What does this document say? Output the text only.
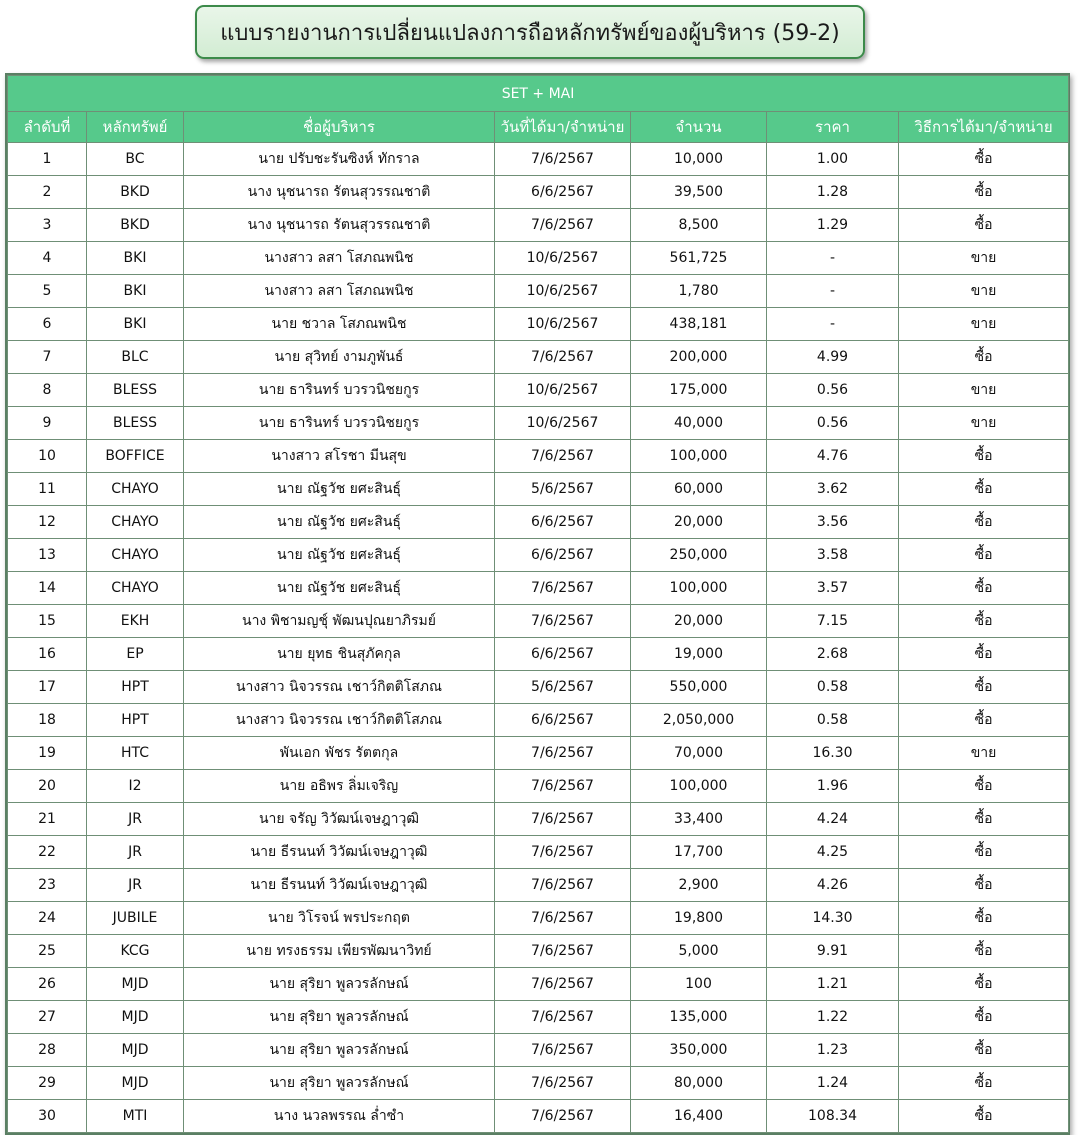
แบบรายงานการเปลี่ยนแปลงการถือหลักทรัพย์ของผู้บริหาร (59-2)
SET + MAI						
ลำดับที่	หลักทรัพย์	ชื่อผู้บริหาร	วันที่ได้มา/จำหน่าย	จำนวน	ราคา	วิธีการได้มา/จำหน่าย
1	BC	นาย ปรับชะรันซิงห์ ทักราล	7/6/2567	10,000	1.00	ซื้อ
2	BKD	นาง นุชนารถ รัตนสุวรรณชาติ	6/6/2567	39,500	1.28	ซื้อ
3	BKD	นาง นุชนารถ รัตนสุวรรณชาติ	7/6/2567	8,500	1.29	ซื้อ
4	BKI	นางสาว ลสา โสภณพนิช	10/6/2567	561,725	-	ขาย
5	BKI	นางสาว ลสา โสภณพนิช	10/6/2567	1,780	-	ขาย
6	BKI	นาย ชวาล โสภณพนิช	10/6/2567	438,181	-	ขาย
7	BLC	นาย สุวิทย์ งามภูพันธ์	7/6/2567	200,000	4.99	ซื้อ
8	BLESS	นาย ธารินทร์ บวรวนิชยกูร	10/6/2567	175,000	0.56	ขาย
9	BLESS	นาย ธารินทร์ บวรวนิชยกูร	10/6/2567	40,000	0.56	ขาย
10	BOFFICE	นางสาว สโรชา มีนสุข	7/6/2567	100,000	4.76	ซื้อ
11	CHAYO	นาย ณัฐวัช ยศะสินธุ์	5/6/2567	60,000	3.62	ซื้อ
12	CHAYO	นาย ณัฐวัช ยศะสินธุ์	6/6/2567	20,000	3.56	ซื้อ
13	CHAYO	นาย ณัฐวัช ยศะสินธุ์	6/6/2567	250,000	3.58	ซื้อ
14	CHAYO	นาย ณัฐวัช ยศะสินธุ์	7/6/2567	100,000	3.57	ซื้อ
15	EKH	นาง พิชามญชุ์ พัฒนปุณยาภิรมย์	7/6/2567	20,000	7.15	ซื้อ
16	EP	นาย ยุทธ ชินสุภัคกุล	6/6/2567	19,000	2.68	ซื้อ
17	HPT	นางสาว นิจวรรณ เชาว์กิตติโสภณ	5/6/2567	550,000	0.58	ซื้อ
18	HPT	นางสาว นิจวรรณ เชาว์กิตติโสภณ	6/6/2567	2,050,000	0.58	ซื้อ
19	HTC	พันเอก พัชร รัตตกุล	7/6/2567	70,000	16.30	ขาย
20	I2	นาย อธิพร ลิ่มเจริญ	7/6/2567	100,000	1.96	ซื้อ
21	JR	นาย จรัญ วิวัฒน์เจษฎาวุฒิ	7/6/2567	33,400	4.24	ซื้อ
22	JR	นาย ธีรนนท์ วิวัฒน์เจษฎาวุฒิ	7/6/2567	17,700	4.25	ซื้อ
23	JR	นาย ธีรนนท์ วิวัฒน์เจษฎาวุฒิ	7/6/2567	2,900	4.26	ซื้อ
24	JUBILE	นาย วิโรจน์ พรประกฤต	7/6/2567	19,800	14.30	ซื้อ
25	KCG	นาย ทรงธรรม เพียรพัฒนาวิทย์	7/6/2567	5,000	9.91	ซื้อ
26	MJD	นาย สุริยา พูลวรลักษณ์	7/6/2567	100	1.21	ซื้อ
27	MJD	นาย สุริยา พูลวรลักษณ์	7/6/2567	135,000	1.22	ซื้อ
28	MJD	นาย สุริยา พูลวรลักษณ์	7/6/2567	350,000	1.23	ซื้อ
29	MJD	นาย สุริยา พูลวรลักษณ์	7/6/2567	80,000	1.24	ซื้อ
30	MTI	นาง นวลพรรณ ล่ำซำ	7/6/2567	16,400	108.34	ซื้อ
